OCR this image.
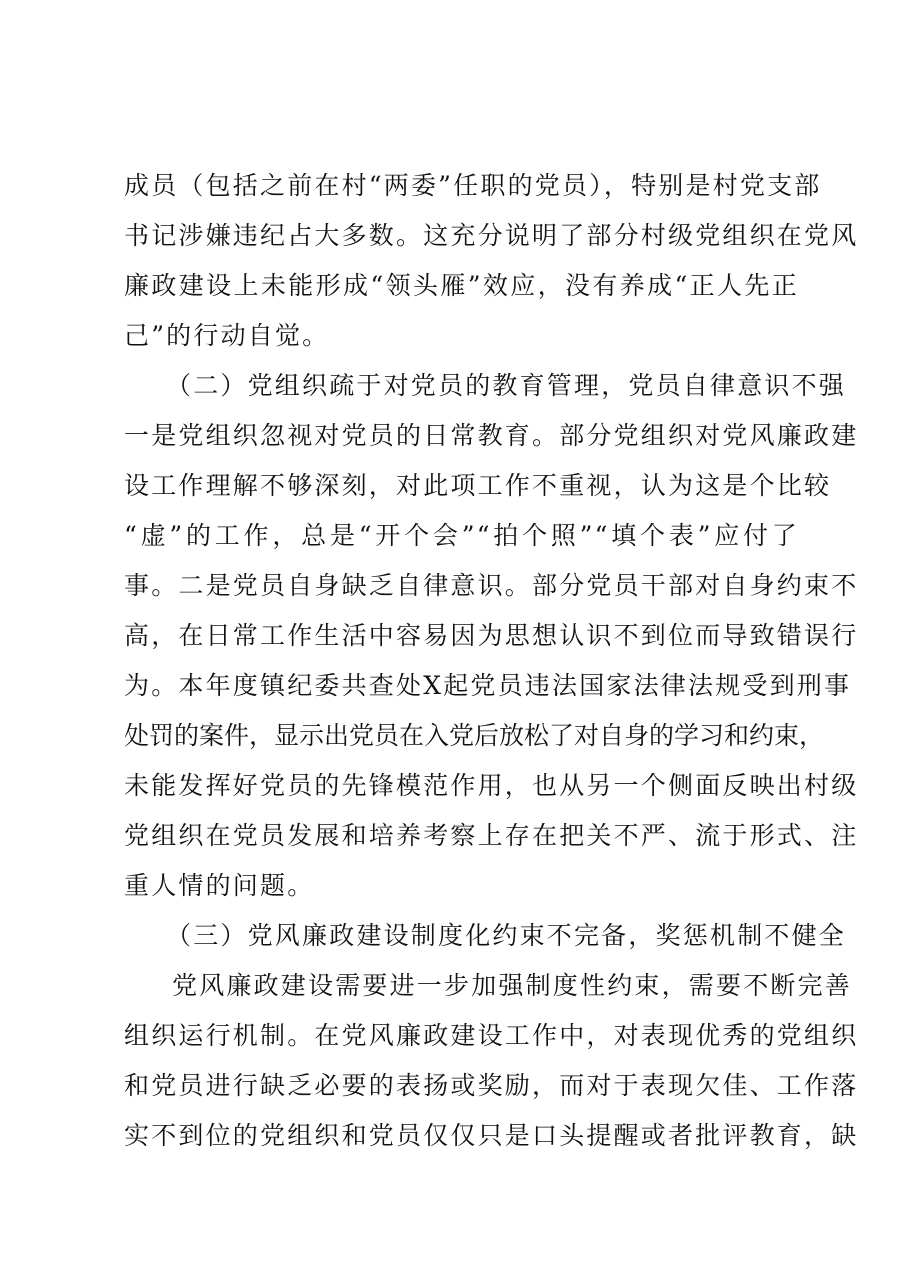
成员（包括之前在村“两委”任职的党员），特别是村党支部
书记涉嫌违纪占大多数。这充分说明了部分村级党组织在党风
廉政建设上未能形成“领头雁”效应，没有养成“正人先正
己”的行动自觉。
（二）党组织疏于对党员的教育管理，党员自律意识不强
一是党组织忽视对党员的日常教育。部分党组织对党风廉政建
设工作理解不够深刻，对此项工作不重视，认为这是个比较
“虚”的工作，总是“开个会”“拍个照”“填个表”应付了
事。二是党员自身缺乏自律意识。部分党员干部对自身约束不
高，在日常工作生活中容易因为思想认识不到位而导致错误行
为。本年度镇纪委共查处X起党员违法国家法律法规受到刑事
处罚的案件，显示出党员在入党后放松了对自身的学习和约束，
未能发挥好党员的先锋模范作用，也从另一个侧面反映出村级
党组织在党员发展和培养考察上存在把关不严、流于形式、注
重人情的问题。
（三）党风廉政建设制度化约束不完备，奖惩机制不健全
党风廉政建设需要进一步加强制度性约束，需要不断完善
组织运行机制。在党风廉政建设工作中，对表现优秀的党组织
和党员进行缺乏必要的表扬或奖励，而对于表现欠佳、工作落
实不到位的党组织和党员仅仅只是口头提醒或者批评教育，缺
